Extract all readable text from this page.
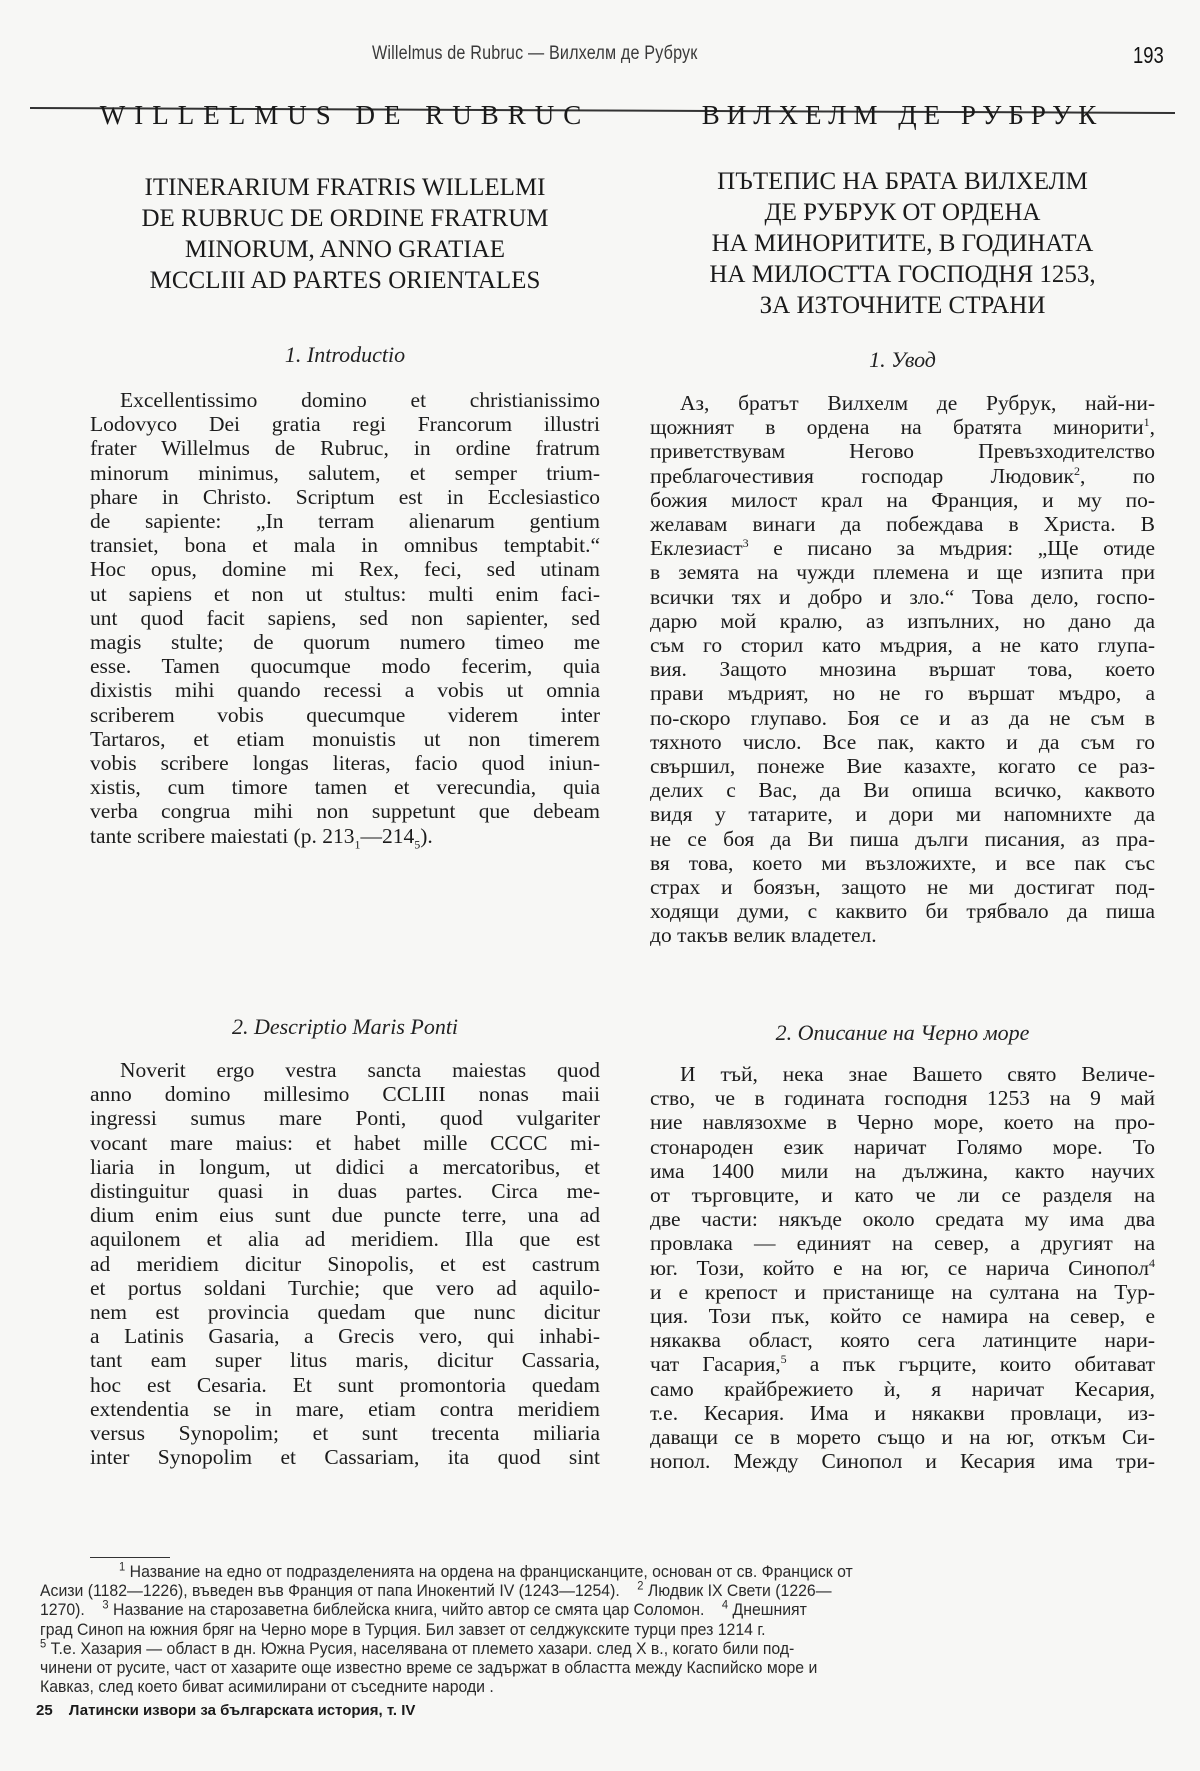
Willelmus de Rubruc — Вилхелм де Рубрук	193
WILLELMUS DE RUBRUC
ITINERARIUM FRATRIS WILLELMI
DE RUBRUC DE ORDINE FRATRUM
MINORUM, ANNO GRATIAE
MCCLIII AD PARTES ORIENTALES
1. Introductio
Excellentissimo domino et christianissimo
Lodovyco Dei gratia regi Francorum illustri
frater Willelmus de Rubruc, in ordine fratrum
minorum minimus, salutem, et semper trium-
phare in Christo. Scriptum est in Ecclesiastico
de sapiente: „In terram alienarum gentium
transiet, bona et mala in omnibus temptabit.“
Hoc opus, domine mi Rex, feci, sed utinam
ut sapiens et non ut stultus: multi enim faci-
unt quod facit sapiens, sed non sapienter, sed
magis stulte; de quorum numero timeo me
esse. Tamen quocumque modo fecerim, quia
dixistis mihi quando recessi a vobis ut omnia
scriberem vobis quecumque viderem inter
Tartaros, et etiam monuistis ut non timerem
vobis scribere longas literas, facio quod iniun-
xistis, cum timore tamen et verecundia, quia
verba congrua mihi non suppetunt que debeam
tante scribere maiestati (p. $213_1—214_5$).
2. Descriptio Maris Ponti
Noverit ergo vestra sancta maiestas quod
anno domino millesimo CCLIII nonas maii
ingressi sumus mare Ponti, quod vulgariter
vocant mare maius: et habet mille CCCC mi-
liaria in longum, ut didici a mercatoribus, et
distinguitur quasi in duas partes. Circa me-
dium enim eius sunt due puncte terre, una ad
aquilonem et alia ad meridiem. Illa que est
ad meridiem dicitur Sinopolis, et est castrum
et portus soldani Turchie; que vero ad aquilo-
nem est provincia quedam que nunc dicitur
a Latinis Gasaria, a Grecis vero, qui inhabi-
tant eam super litus maris, dicitur Cassaria,
hoc est Cesaria. Et sunt promontoria quedam
extendentia se in mare, etiam contra meridiem
versus Synopolim; et sunt trecenta miliaria
inter Synopolim et Cassariam, ita quod sint
ВИЛХЕЛМ ДЕ РУБРУК
ПЪТЕПИС НА БРАТА ВИЛХЕЛМ
ДЕ РУБРУК ОТ ОРДЕНА
НА МИНОРИТИТЕ, В ГОДИНАТА
НА МИЛОСТТА ГОСПОДНЯ 1253,
ЗА ИЗТОЧНИТЕ СТРАНИ
1. Увод
Аз, братът Вилхелм де Рубрук, най-ни-
щожният в ордена на братята минорити$^1$,
приветствувам Негово Превъзходителство
преблагочестивия господар Людовик$^2$, по
божия милост крал на Франция, и му по-
желавам винаги да побеждава в Христа. В
Еклезиаст$^3$ е писано за мъдрия: „Ще отиде
в земята на чужди племена и ще изпита при
всички тях и добро и зло.“ Това дело, госпо-
дарю мой кралю, аз изпълних, но дано да
съм го сторил като мъдрия, а не като глупа-
вия. Защото мнозина вършат това, което
прави мъдрият, но не го вършат мъдро, а
по-скоро глупаво. Боя се и аз да не съм в
тяхното число. Все пак, както и да съм го
свършил, понеже Вие казахте, когато се раз-
делих с Вас, да Ви опиша всичко, каквото
видя у татарите, и дори ми напомнихте да
не се боя да Ви пиша дълги писания, аз пра-
вя това, което ми възложихте, и все пак със
страх и боязън, защото не ми достигат под-
ходящи думи, с каквито би трябвало да пиша
до такъв велик владетел.
2. Описание на Черно море
И тъй, нека знае Вашето свято Величе-
ство, че в годината господня 1253 на 9 май
ние навлязохме в Черно море, което на про-
стонароден език наричат Голямо море. То
има 1400 мили на дължина, както научих
от търговците, и като че ли се разделя на
две части: някъде около средата му има два
провлака — единият на север, а другият на
юг. Този, който е на юг, се нарича Синопол$^4$
и е крепост и пристанище на султана на Тур-
ция. Този пък, който се намира на север, е
някаква област, която сега латинците нари-
чат Гасария,$^5$ а пък гърците, които обитават
само крайбрежието ѝ, я наричат Кесария,
т.е. Кесария. Има и някакви провлаци, из-
даващи се в морето също и на юг, откъм Си-
нопол. Между Синопол и Кесария има три-
$^1$ Название на едно от подразделенията на ордена на францисканците, основан от св. Франциск от
Асизи (1182—1226), въведен във Франция от папа Инокентий IV (1243—1254). $^2$ Людвик IX Свети (1226—
1270). $^3$ Название на старозаветна библейска книга, чийто автор се смята цар Соломон. $^4$ Днешният
град Синоп на южния бряг на Черно море в Турция. Бил завзет от селджукските турци през 1214 г.
$^5$ Т.е. Хазария — област в дн. Южна Русия, населявана от племето хазари. след X в., когато били под-
чинени от русите, част от хазарите още известно време се задържат в областта между Каспийско море и
Кавказ, след което биват асимилирани от съседните народи .
25 Латински извори за българската история, т. IV
